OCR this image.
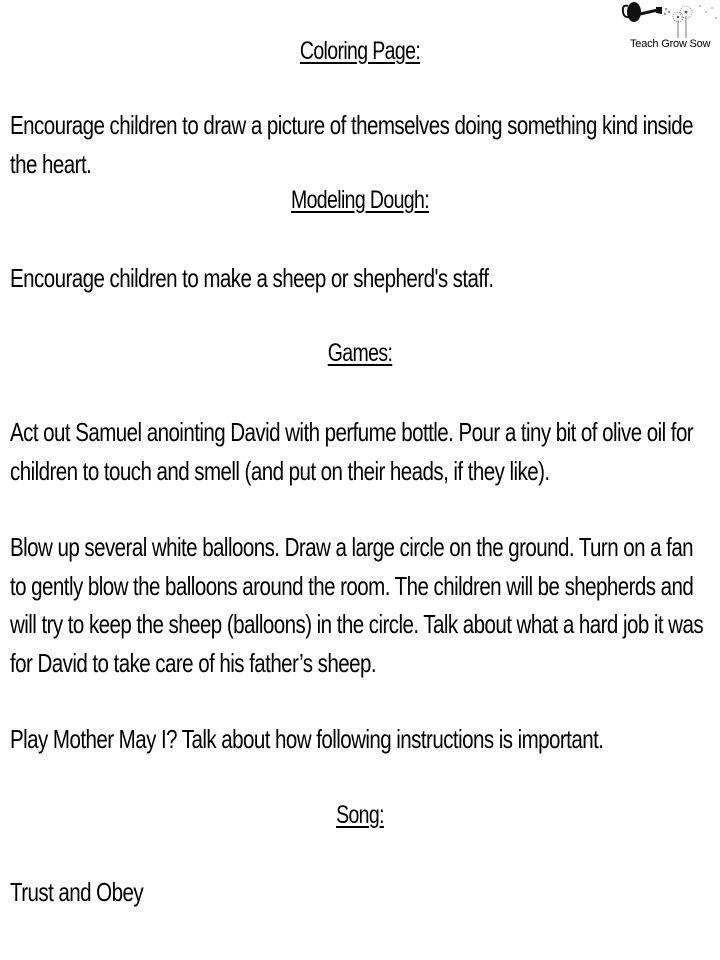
Teach Grow Sow
Coloring Page:
Encourage children to draw a picture of themselves doing something kind inside the heart.
Modeling Dough:
Encourage children to make a sheep or shepherd's staff.
Games:
Act out Samuel anointing David with perfume bottle. Pour a tiny bit of olive oil for children to touch and smell (and put on their heads, if they like).
Blow up several white balloons. Draw a large circle on the ground. Turn on a fan to gently blow the balloons around the room. The children will be shepherds and will try to keep the sheep (balloons) in the circle. Talk about what a hard job it was for David to take care of his father’s sheep.
Play Mother May I? Talk about how following instructions is important.
Song:
Trust and Obey
